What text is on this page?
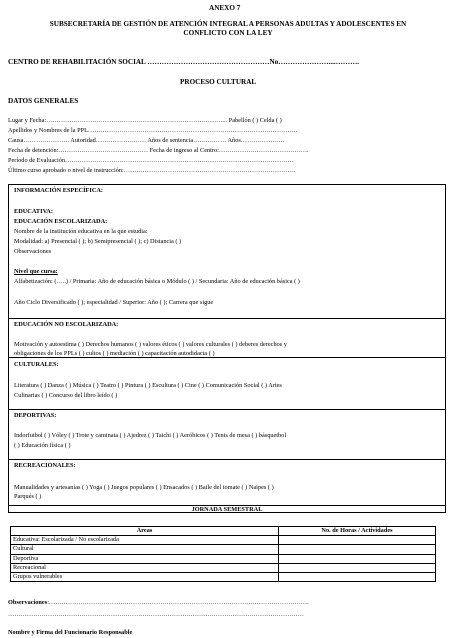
ANEXO 7
SUBSECRETARÍA DE GESTIÓN DE ATENCIÓN INTEGRAL A PERSONAS ADULTAS Y ADOLESCENTES EN
CONFLICTO CON LA LEY
CENTRO DE REHABILITACIÓN SOCIAL ……………………………………………No…………………....……….
PROCESO CULTURAL
DATOS GENERALES
Lugar y Fecha:…………………………………………………………………………... Pabellón ( ) Celda ( )
Apellidos y Nombres de la PPL……………………………………………………………………………………….
Causa…………………. Autoridad…………………… Años de sentencia…….……… Años…………………
Fecha de detención:…………………………….……… Fecha de ingreso al Centro:…………………………………….
Período de Evaluación……………………………………………………………………………………………….
Último curso aprobado o nivel de instrucción:……………………………………………………………………….
INFORMACIÓN ESPECÍFICA:
EDUCATIVA:
EDUCACIÓN ESCOLARIZADA:
Nombre de la institución educativa en la que estudia:
Modalidad: a) Presencial ( ); b) Semipresencial ( ); c) Distancia ( )
Observaciones
Nivel que cursa:
Alfabetización: (…..) / Primaria: Año de educación básica o Módulo ( ) / Secundaria: Año de educación básica ( )
Año Ciclo Diversificado ( ); especialidad / Superior: Año ( ); Carrera que sigue
EDUCACIÓN NO ESCOLARIZADA:
Motivación y autoestima ( ) Derechos humanos ( ) valores éticos ( ) valores culturales ( ) deberes derechos y
obligaciones de los PPLs ( ) cultos ( ) mediación ( ) capacitación autodidacta ( )
CULTURALES:
Literatura ( ) Danza ( ) Música ( ) Teatro ( ) Pintura ( ) Escultura ( ) Cine ( ) Comunicación Social ( ) Artes
Culinarias ( ) Concurso del libro leído ( )
DEPORTIVAS:
Indorfutbol ( ) Vóley ( ) Trote y caminata ( ) Ajedrez ( ) Taichi ( ) Aeróbicos ( ) Tenis de mesa ( ) básquetbol
( ) Educación física ( )
RECREACIONALES:
Manualidades y artesanías ( ) Yoga ( ) Juegos populares ( ) Ensacados ( ) Baile del tomate ( ) Naipes ( )
Parqués ( )
JORNADA SEMESTRAL
Áreas	No. de Horas / Actividades
Educativa: Escolarizada / No escolarizada	
Cultural	
Deportiva	
Recreacional	
Grupos vulnerables	
Observaciones:…………………………………………………………………………………………………………….
……………………………………………………………………………………………………………………………
Nombre y Firma del Funcionario Responsable
